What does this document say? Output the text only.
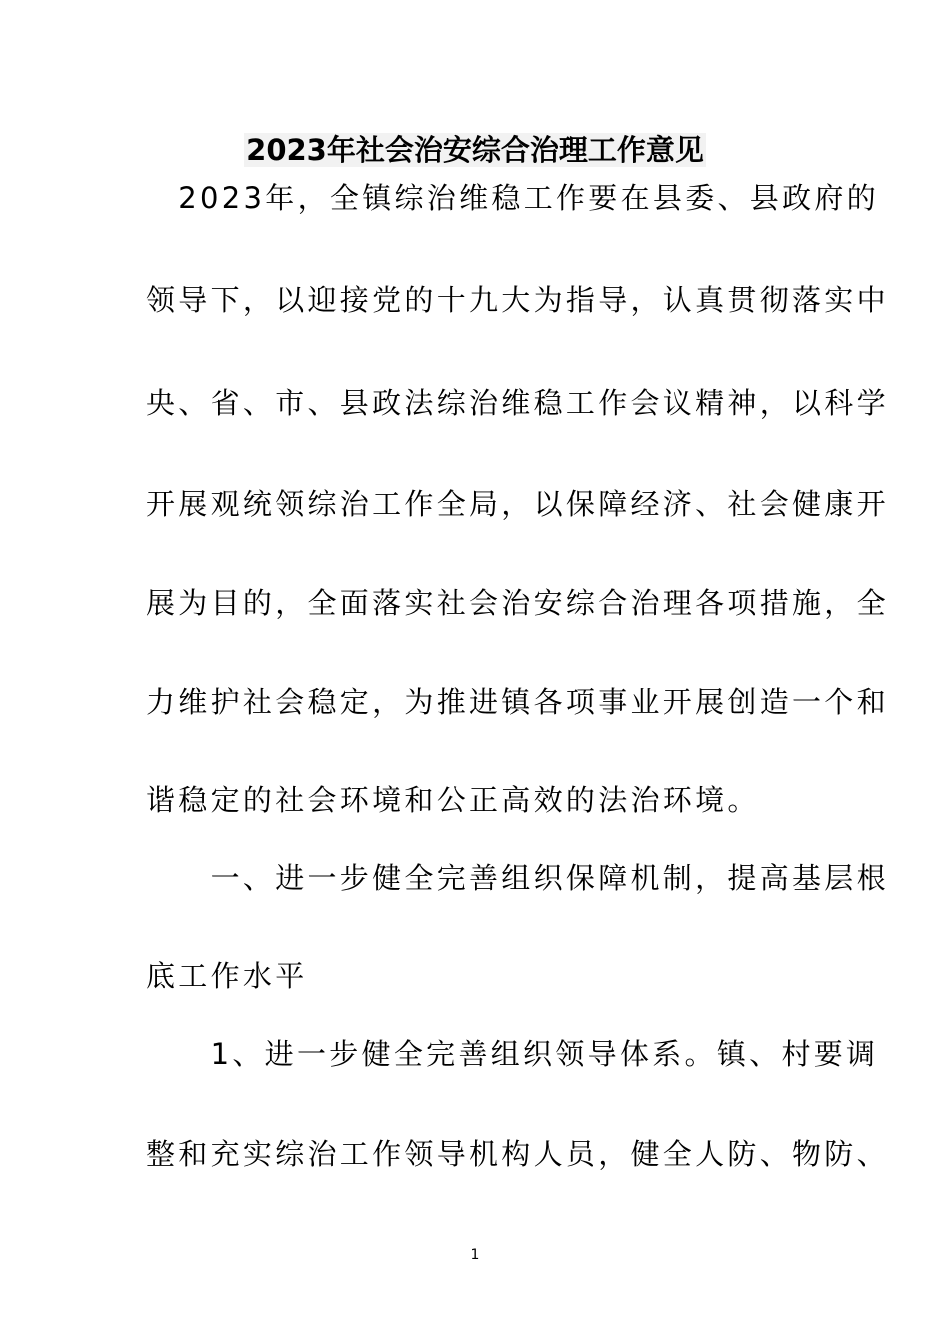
2023年社会治安综合治理工作意见
　2023年，全镇综治维稳工作要在县委、县政府的
领导下，以迎接党的十九大为指导，认真贯彻落实中
央、省、市、县政法综治维稳工作会议精神，以科学
开展观统领综治工作全局，以保障经济、社会健康开
展为目的，全面落实社会治安综合治理各项措施，全
力维护社会稳定，为推进镇各项事业开展创造一个和
谐稳定的社会环境和公正高效的法治环境。
　　一、进一步健全完善组织保障机制，提高基层根
底工作水平
　　1、进一步健全完善组织领导体系。镇、村要调
整和充实综治工作领导机构人员，健全人防、物防、
1
